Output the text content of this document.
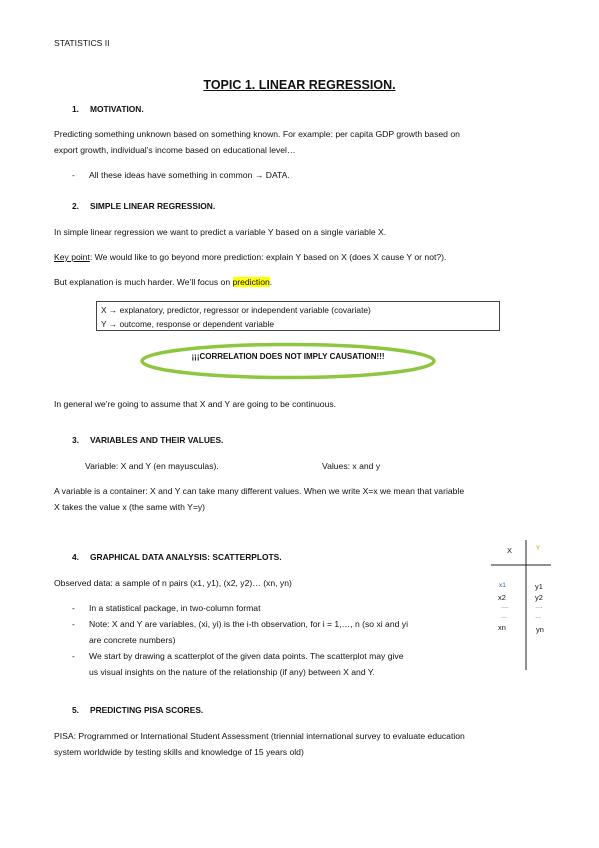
STATISTICS II
TOPIC 1. LINEAR REGRESSION.
1. MOTIVATION.
Predicting something unknown based on something known. For example: per capita GDP growth based on
export growth, individual’s income based on educational level…
- All these ideas have something in common → DATA.
2. SIMPLE LINEAR REGRESSION.
In simple linear regression we want to predict a variable Y based on a single variable X.
Key point: We would like to go beyond more prediction: explain Y based on X (does X cause Y or not?).
But explanation is much harder. We’ll focus on prediction.
X → explanatory, predictor, regressor or independent variable (covariate)
Y → outcome, response or dependent variable
¡¡¡CORRELATION DOES NOT IMPLY CAUSATION!!!
In general we’re going to assume that X and Y are going to be continuous.
3. VARIABLES AND THEIR VALUES.
Variable: X and Y (en mayusculas).	Values: x and y
A variable is a container: X and Y can take many different values. When we write X=x we mean that variable
X takes the value x (the same with Y=y)
4. GRAPHICAL DATA ANALYSIS: SCATTERPLOTS.
Observed data: a sample of n pairs (x1, y1), (x2, y2)… (xn, yn)
- In a statistical package, in two-column format
- Note: X and Y are variables, (xi, yi) is the i-th observation, for i = 1,…, n (so xi and yi
are concrete numbers)
- We start by drawing a scatterplot of the given data points. The scatterplot may give
us visual insights on the nature of the relationship (if any) between X and Y.
X	Y
x1	y1
x2	y2
….	….
…	…
xn	yn
5. PREDICTING PISA SCORES.
PISA: Programmed or International Student Assessment (triennial international survey to evaluate education
system worldwide by testing skills and knowledge of 15 years old)
